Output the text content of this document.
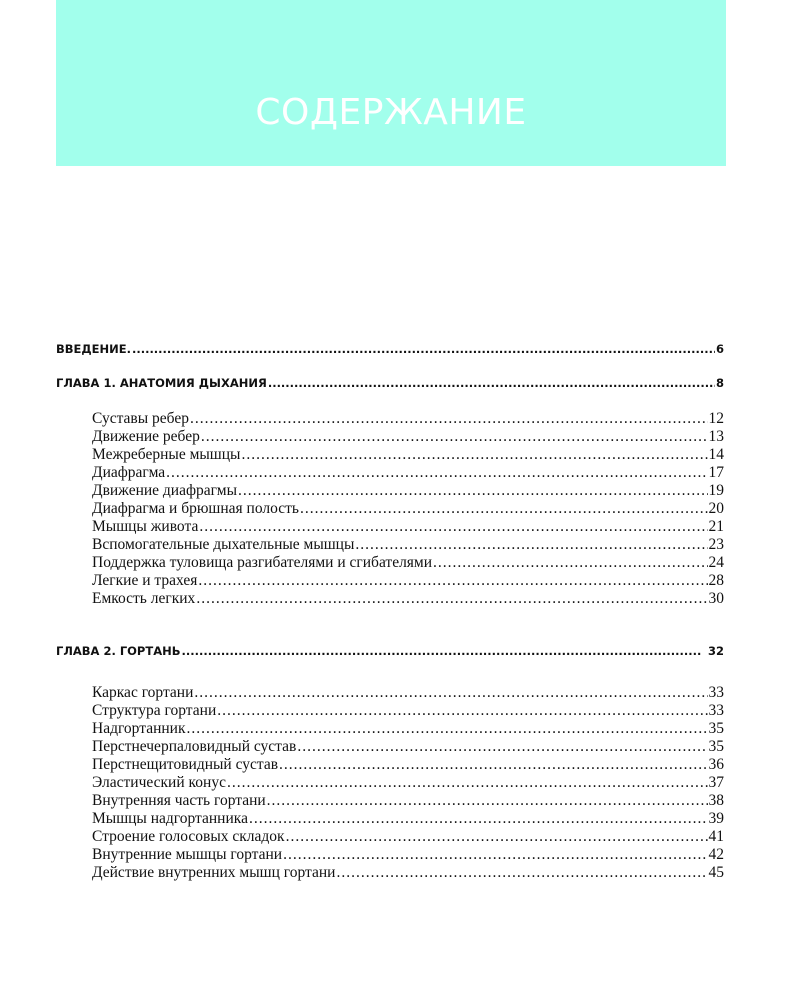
СОДЕРЖАНИЕ
ВВЕДЕНИЕ. .....	6
ГЛАВА 1. АНАТОМИЯ ДЫХАНИЯ .....	8
Суставы ребер .....	12
Движение ребер .....	13
Межреберные мышцы .....	14
Диафрагма .....	17
Движение диафрагмы .....	19
Диафрагма и брюшная полость .....	20
Мышцы живота .....	21
Вспомогательные дыхательные мышцы .....	23
Поддержка туловища разгибателями и сгибателями .....	24
Легкие и трахея .....	28
Емкость легких .....	30
ГЛАВА 2. ГОРТАНЬ .....	32
Каркас гортани .....	33
Структура гортани .....	33
Надгортанник .....	35
Перстнечерпаловидный сустав .....	35
Перстнещитовидный сустав .....	36
Эластический конус .....	37
Внутренняя часть гортани .....	38
Мышцы надгортанника .....	39
Строение голосовых складок .....	41
Внутренние мышцы гортани .....	42
Действие внутренних мышц гортани .....	45
